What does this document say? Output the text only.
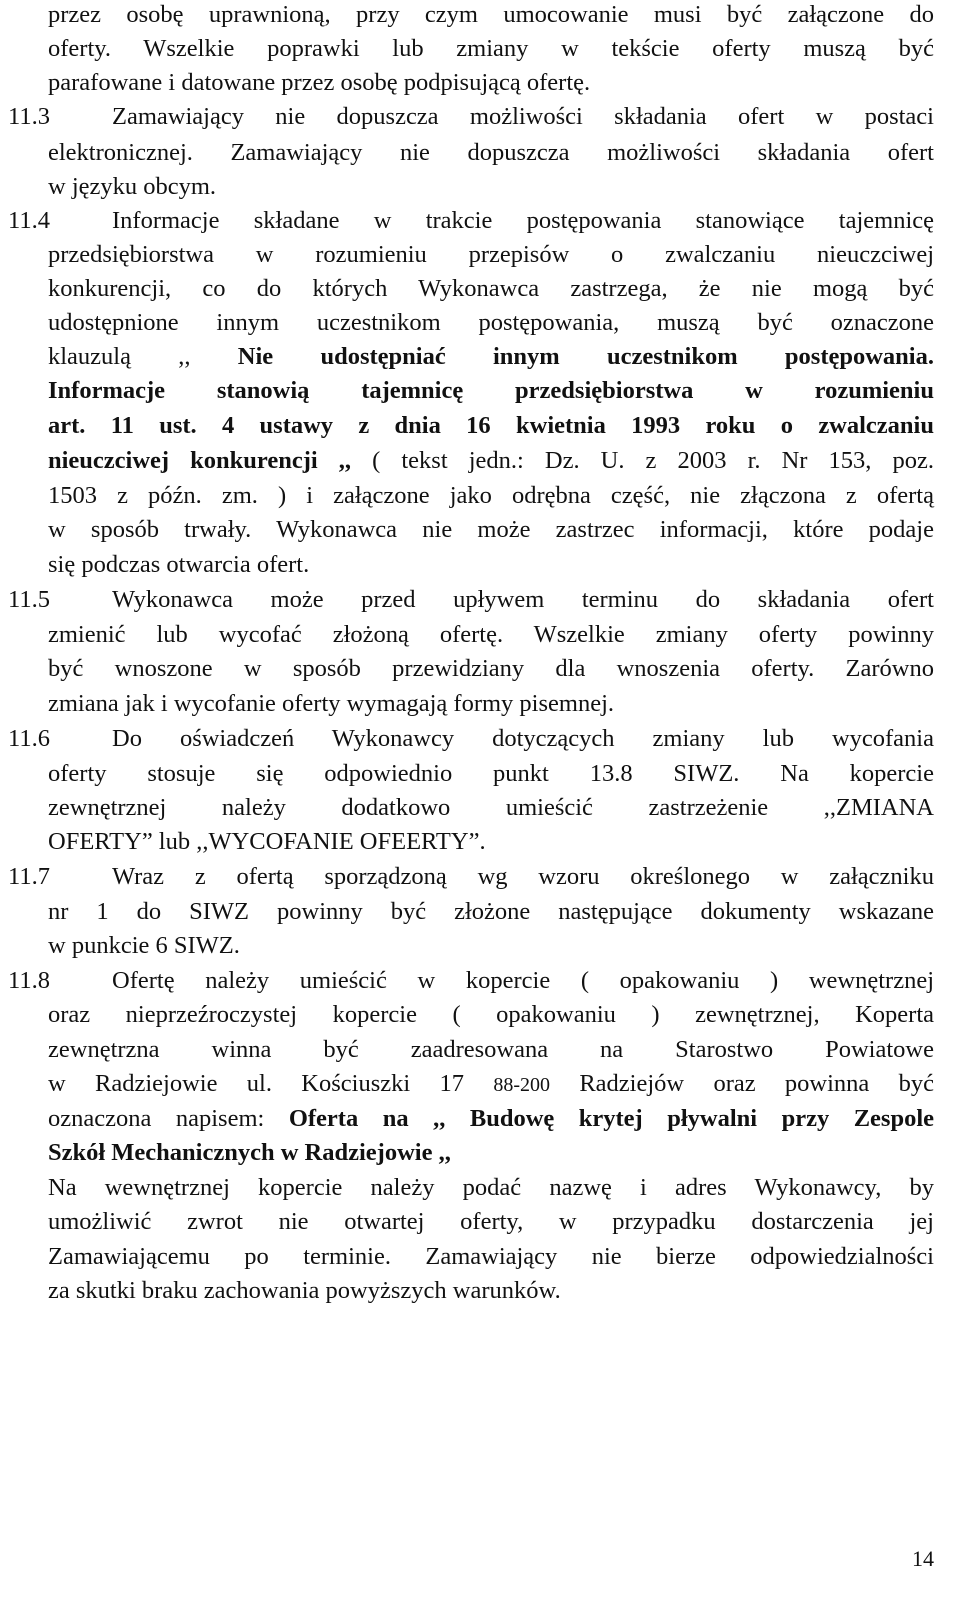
14
przez osobę uprawnioną, przy czym umocowanie musi być załączone do
oferty. Wszelkie poprawki lub zmiany w tekście oferty muszą być
parafowane i datowane przez osobę podpisującą ofertę.
11.3	Zamawiający nie dopuszcza możliwości składania ofert w postaci
elektronicznej. Zamawiający nie dopuszcza możliwości składania ofert
w języku obcym.
11.4	Informacje składane w trakcie postępowania stanowiące tajemnicę
przedsiębiorstwa w rozumieniu przepisów o zwalczaniu nieuczciwej
konkurencji, co do których Wykonawca zastrzega, że nie mogą być
udostępnione innym uczestnikom postępowania, muszą być oznaczone
klauzulą ,, Nie udostępniać innym uczestnikom postępowania.
Informacje stanowią tajemnicę przedsiębiorstwa w rozumieniu
art. 11 ust. 4 ustawy z dnia 16 kwietnia 1993 roku o zwalczaniu
nieuczciwej konkurencji ,, ( tekst jedn.: Dz. U. z 2003 r. Nr 153, poz.
1503 z późn. zm. ) i załączone jako odrębna część, nie złączona z ofertą
w sposób trwały. Wykonawca nie może zastrzec informacji, które podaje
się podczas otwarcia ofert.
11.5	Wykonawca może przed upływem terminu do składania ofert
zmienić lub wycofać złożoną ofertę. Wszelkie zmiany oferty powinny
być wnoszone w sposób przewidziany dla wnoszenia oferty. Zarówno
zmiana jak i wycofanie oferty wymagają formy pisemnej.
11.6	Do oświadczeń Wykonawcy dotyczących zmiany lub wycofania
oferty stosuje się odpowiednio punkt 13.8 SIWZ. Na kopercie
zewnętrznej należy dodatkowo umieścić zastrzeżenie ,,ZMIANA
OFERTY” lub ,,WYCOFANIE OFEERTY”.
11.7	Wraz z ofertą sporządzoną wg wzoru określonego w załączniku
nr 1 do SIWZ powinny być złożone następujące dokumenty wskazane
w punkcie 6 SIWZ.
11.8	Ofertę należy umieścić w kopercie ( opakowaniu ) wewnętrznej
oraz nieprzeźroczystej kopercie ( opakowaniu ) zewnętrznej, Koperta
zewnętrzna winna być zaadresowana na Starostwo Powiatowe
w Radziejowie ul. Kościuszki 17 88-200 Radziejów oraz powinna być
oznaczona napisem: Oferta na ,, Budowę krytej pływalni przy Zespole
Szkół Mechanicznych w Radziejowie ,,
Na wewnętrznej kopercie należy podać nazwę i adres Wykonawcy, by
umożliwić zwrot nie otwartej oferty, w przypadku dostarczenia jej
Zamawiającemu po terminie. Zamawiający nie bierze odpowiedzialności
za skutki braku zachowania powyższych warunków.
